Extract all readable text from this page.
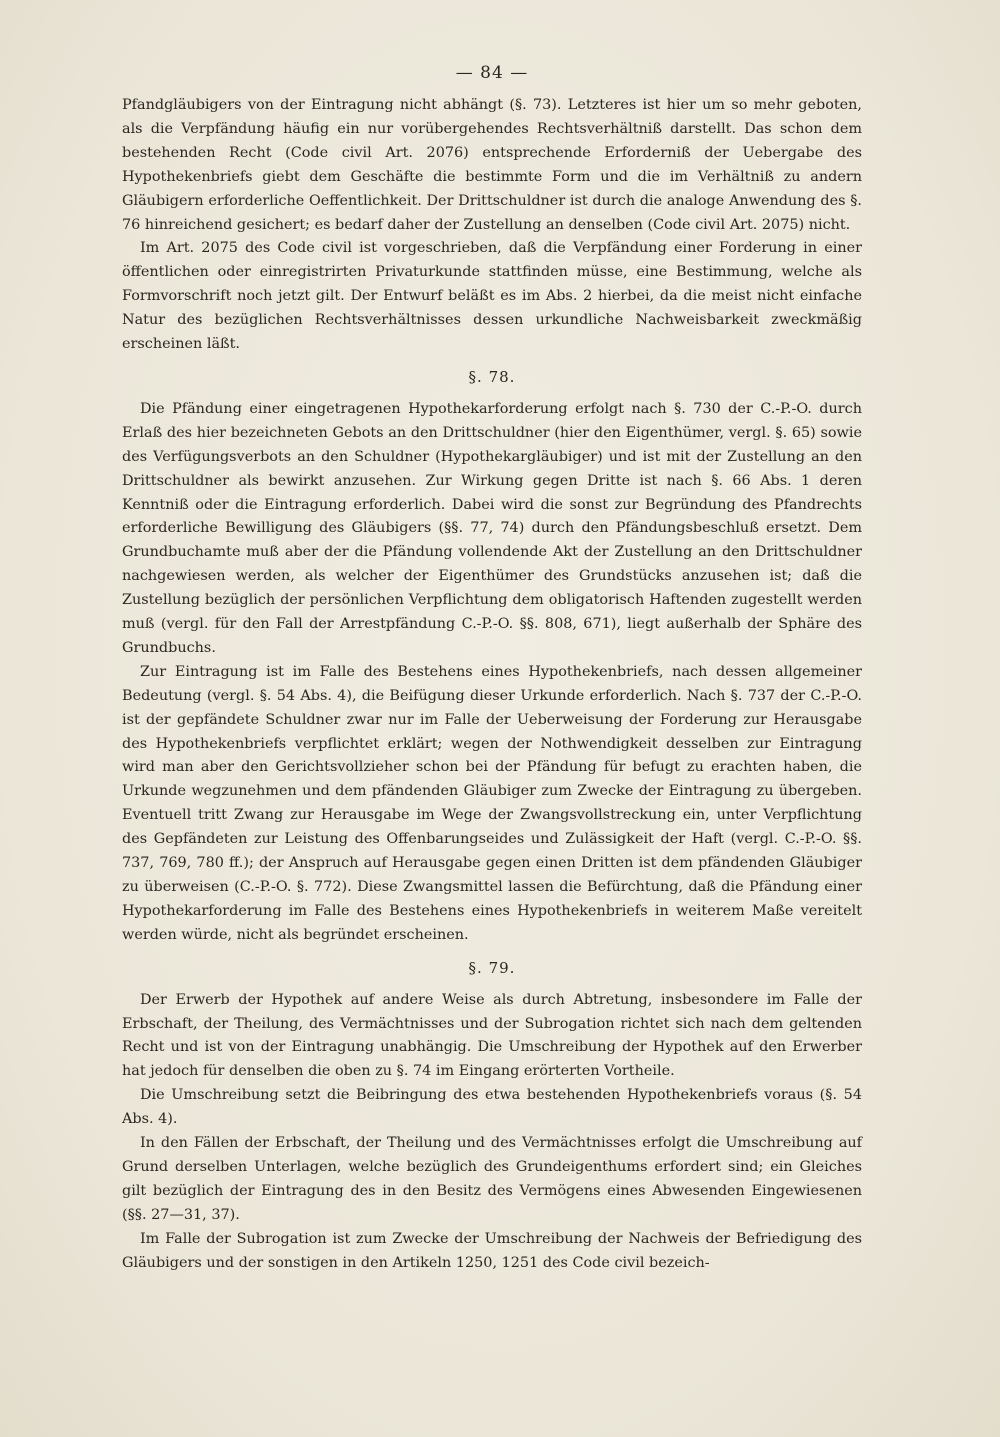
— 84 —

Pfandgläubigers von der Eintragung nicht abhängt (§. 73). Letzteres ist hier um so mehr geboten, als die Verpfändung häufig ein nur vorübergehendes Rechtsverhältniß darstellt. Das schon dem bestehenden Recht (Code civil Art. 2076) entsprechende Erforderniß der Uebergabe des Hypothekenbriefs giebt dem Geschäfte die bestimmte Form und die im Verhältniß zu andern Gläubigern erforderliche Oeffentlichkeit. Der Drittschuldner ist durch die analoge Anwendung des §. 76 hinreichend gesichert; es bedarf daher der Zustellung an denselben (Code civil Art. 2075) nicht.

Im Art. 2075 des Code civil ist vorgeschrieben, daß die Verpfändung einer Forderung in einer öffentlichen oder einregistrirten Privaturkunde stattfinden müsse, eine Bestimmung, welche als Formvorschrift noch jetzt gilt. Der Entwurf beläßt es im Abs. 2 hierbei, da die meist nicht einfache Natur des bezüglichen Rechtsverhältnisses dessen urkundliche Nachweisbarkeit zweckmäßig erscheinen läßt.

§. 78.

Die Pfändung einer eingetragenen Hypothekarforderung erfolgt nach §. 730 der C.-P.-O. durch Erlaß des hier bezeichneten Gebots an den Drittschuldner (hier den Eigenthümer, vergl. §. 65) sowie des Verfügungsverbots an den Schuldner (Hypothekargläubiger) und ist mit der Zustellung an den Drittschuldner als bewirkt anzusehen. Zur Wirkung gegen Dritte ist nach §. 66 Abs. 1 deren Kenntniß oder die Eintragung erforderlich. Dabei wird die sonst zur Begründung des Pfandrechts erforderliche Bewilligung des Gläubigers (§§. 77, 74) durch den Pfändungsbeschluß ersetzt. Dem Grundbuchamte muß aber der die Pfändung vollendende Akt der Zustellung an den Drittschuldner nachgewiesen werden, als welcher der Eigenthümer des Grundstücks anzusehen ist; daß die Zustellung bezüglich der persönlichen Verpflichtung dem obligatorisch Haftenden zugestellt werden muß (vergl. für den Fall der Arrestpfändung C.-P.-O. §§. 808, 671), liegt außerhalb der Sphäre des Grundbuchs.

Zur Eintragung ist im Falle des Bestehens eines Hypothekenbriefs, nach dessen allgemeiner Bedeutung (vergl. §. 54 Abs. 4), die Beifügung dieser Urkunde erforderlich. Nach §. 737 der C.-P.-O. ist der gepfändete Schuldner zwar nur im Falle der Ueberweisung der Forderung zur Herausgabe des Hypothekenbriefs verpflichtet erklärt; wegen der Nothwendigkeit desselben zur Eintragung wird man aber den Gerichtsvollzieher schon bei der Pfändung für befugt zu erachten haben, die Urkunde wegzunehmen und dem pfändenden Gläubiger zum Zwecke der Eintragung zu übergeben. Eventuell tritt Zwang zur Herausgabe im Wege der Zwangsvollstreckung ein, unter Verpflichtung des Gepfändeten zur Leistung des Offenbarungseides und Zulässigkeit der Haft (vergl. C.-P.-O. §§. 737, 769, 780 ff.); der Anspruch auf Herausgabe gegen einen Dritten ist dem pfändenden Gläubiger zu überweisen (C.-P.-O. §. 772). Diese Zwangsmittel lassen die Befürchtung, daß die Pfändung einer Hypothekarforderung im Falle des Bestehens eines Hypothekenbriefs in weiterem Maße vereitelt werden würde, nicht als begründet erscheinen.

§. 79.

Der Erwerb der Hypothek auf andere Weise als durch Abtretung, insbesondere im Falle der Erbschaft, der Theilung, des Vermächtnisses und der Subrogation richtet sich nach dem geltenden Recht und ist von der Eintragung unabhängig. Die Umschreibung der Hypothek auf den Erwerber hat jedoch für denselben die oben zu §. 74 im Eingang erörterten Vortheile.

Die Umschreibung setzt die Beibringung des etwa bestehenden Hypothekenbriefs voraus (§. 54 Abs. 4).

In den Fällen der Erbschaft, der Theilung und des Vermächtnisses erfolgt die Umschreibung auf Grund derselben Unterlagen, welche bezüglich des Grundeigenthums erfordert sind; ein Gleiches gilt bezüglich der Eintragung des in den Besitz des Vermögens eines Abwesenden Eingewiesenen (§§. 27—31, 37).

Im Falle der Subrogation ist zum Zwecke der Umschreibung der Nachweis der Befriedigung des Gläubigers und der sonstigen in den Artikeln 1250, 1251 des Code civil bezeich-
